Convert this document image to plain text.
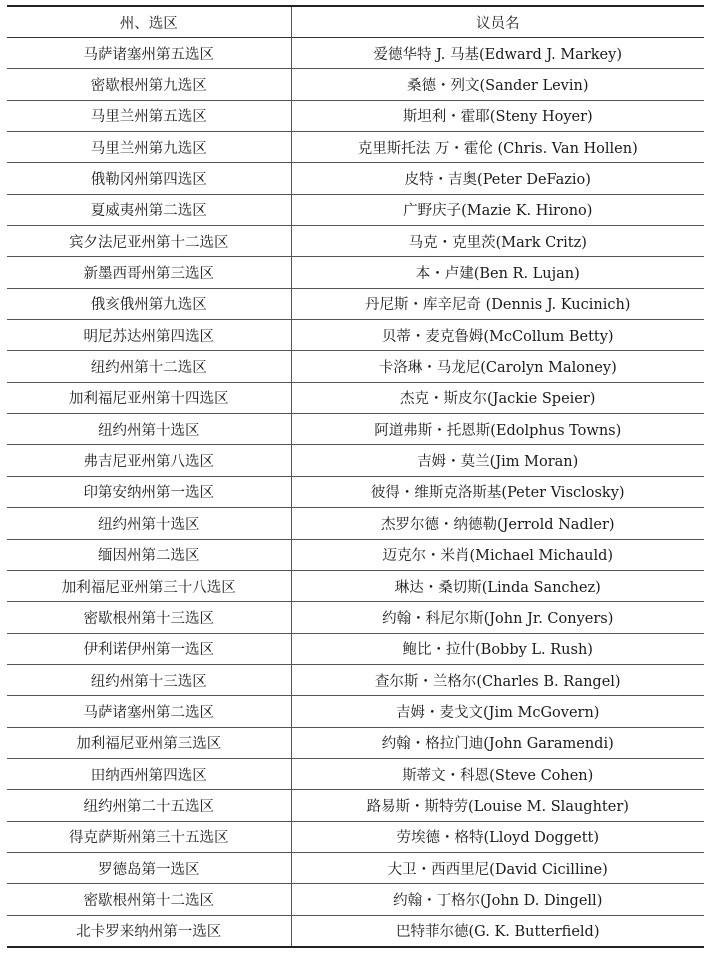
州、选区	议员名
马萨诸塞州第五选区	爱德华特 J. 马基(Edward J. Markey)
密歇根州第九选区	桑德・列文(Sander Levin)
马里兰州第五选区	斯坦利・霍耶(Steny Hoyer)
马里兰州第九选区	克里斯托法 万・霍伦 (Chris. Van Hollen)
俄勒冈州第四选区	皮特・吉奥(Peter DeFazio)
夏威夷州第二选区	广野庆子(Mazie K. Hirono)
宾夕法尼亚州第十二选区	马克・克里茨(Mark Critz)
新墨西哥州第三选区	本・卢建(Ben R. Lujan)
俄亥俄州第九选区	丹尼斯・库辛尼奇 (Dennis J. Kucinich)
明尼苏达州第四选区	贝蒂・麦克鲁姆(McCollum Betty)
纽约州第十二选区	卡洛琳・马龙尼(Carolyn Maloney)
加利福尼亚州第十四选区	杰克・斯皮尔(Jackie Speier)
纽约州第十选区	阿道弗斯・托恩斯(Edolphus Towns)
弗吉尼亚州第八选区	吉姆・莫兰(Jim Moran)
印第安纳州第一选区	彼得・维斯克洛斯基(Peter Visclosky)
纽约州第十选区	杰罗尔德・纳德勒(Jerrold Nadler)
缅因州第二选区	迈克尔・米肖(Michael Michauld)
加利福尼亚州第三十八选区	琳达・桑切斯(Linda Sanchez)
密歇根州第十三选区	约翰・科尼尔斯(John Jr. Conyers)
伊利诺伊州第一选区	鲍比・拉什(Bobby L. Rush)
纽约州第十三选区	查尔斯・兰格尔(Charles B. Rangel)
马萨诸塞州第二选区	吉姆・麦戈文(Jim McGovern)
加利福尼亚州第三选区	约翰・格拉门迪(John Garamendi)
田纳西州第四选区	斯蒂文・科恩(Steve Cohen)
纽约州第二十五选区	路易斯・斯特劳(Louise M. Slaughter)
得克萨斯州第三十五选区	劳埃德・格特(Lloyd Doggett)
罗德岛第一选区	大卫・西西里尼(David Cicilline)
密歇根州第十二选区	约翰・丁格尔(John D. Dingell)
北卡罗来纳州第一选区	巴特菲尔德(G. K. Butterfield)
